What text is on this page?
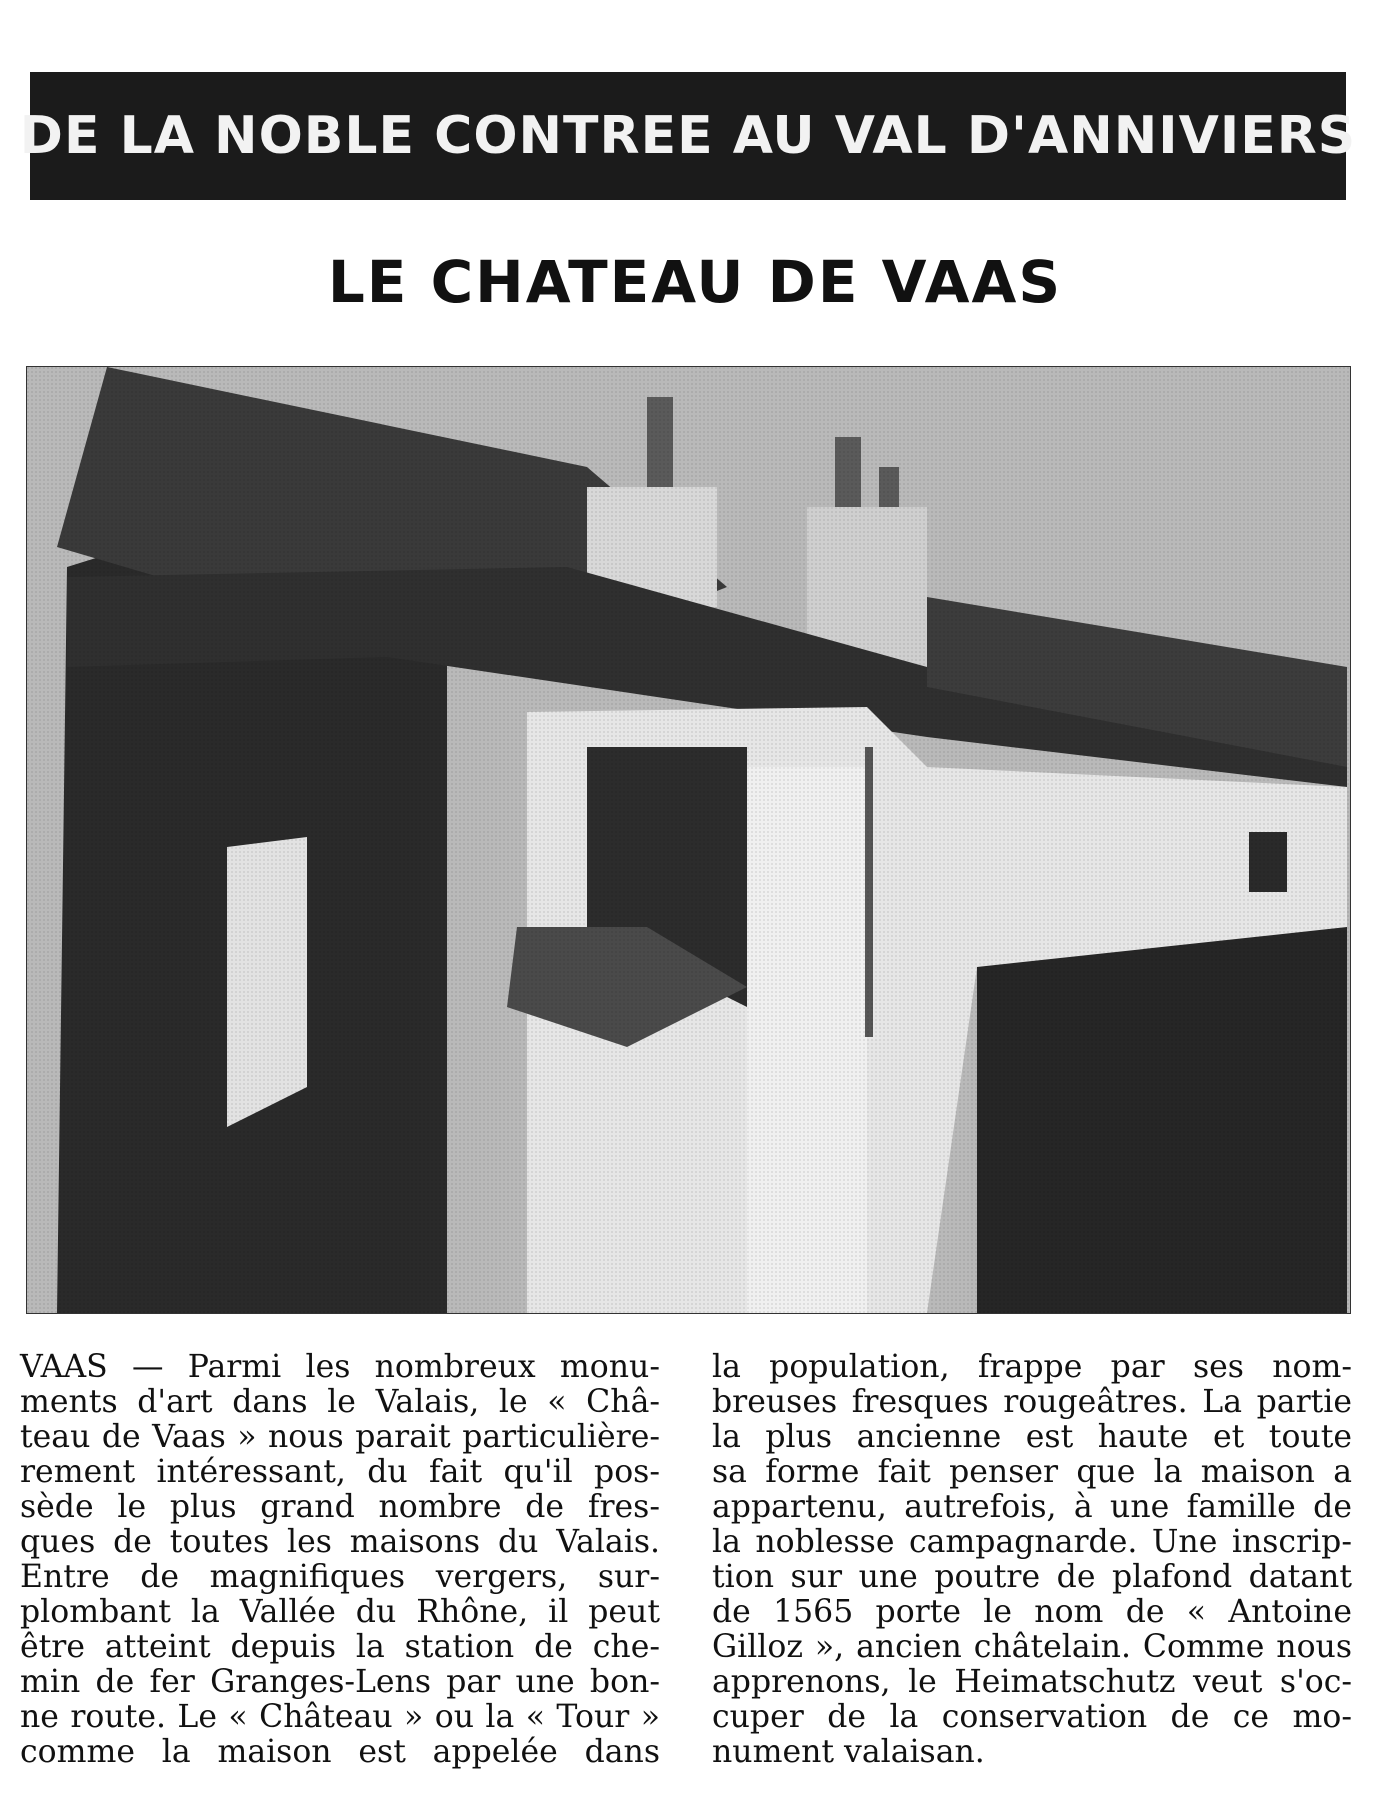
DE LA NOBLE CONTREE AU VAL D'ANNIVIERS
LE CHATEAU DE VAAS
VAAS — Parmi les nombreux monu-
ments d'art dans le Valais, le « Châ-
teau de Vaas » nous parait particulière-
rement intéressant, du fait qu'il pos-
sède le plus grand nombre de fres-
ques de toutes les maisons du Valais.
Entre de magnifiques vergers, sur-
plombant la Vallée du Rhône, il peut
être atteint depuis la station de che-
min de fer Granges-Lens par une bon-
ne route. Le « Château » ou la « Tour »
comme la maison est appelée dans
la population, frappe par ses nom-
breuses fresques rougeâtres. La partie
la plus ancienne est haute et toute
sa forme fait penser que la maison a
appartenu, autrefois, à une famille de
la noblesse campagnarde. Une inscrip-
tion sur une poutre de plafond datant
de 1565 porte le nom de « Antoine
Gilloz », ancien châtelain. Comme nous
apprenons, le Heimatschutz veut s'oc-
cuper de la conservation de ce mo-
nument valaisan.
